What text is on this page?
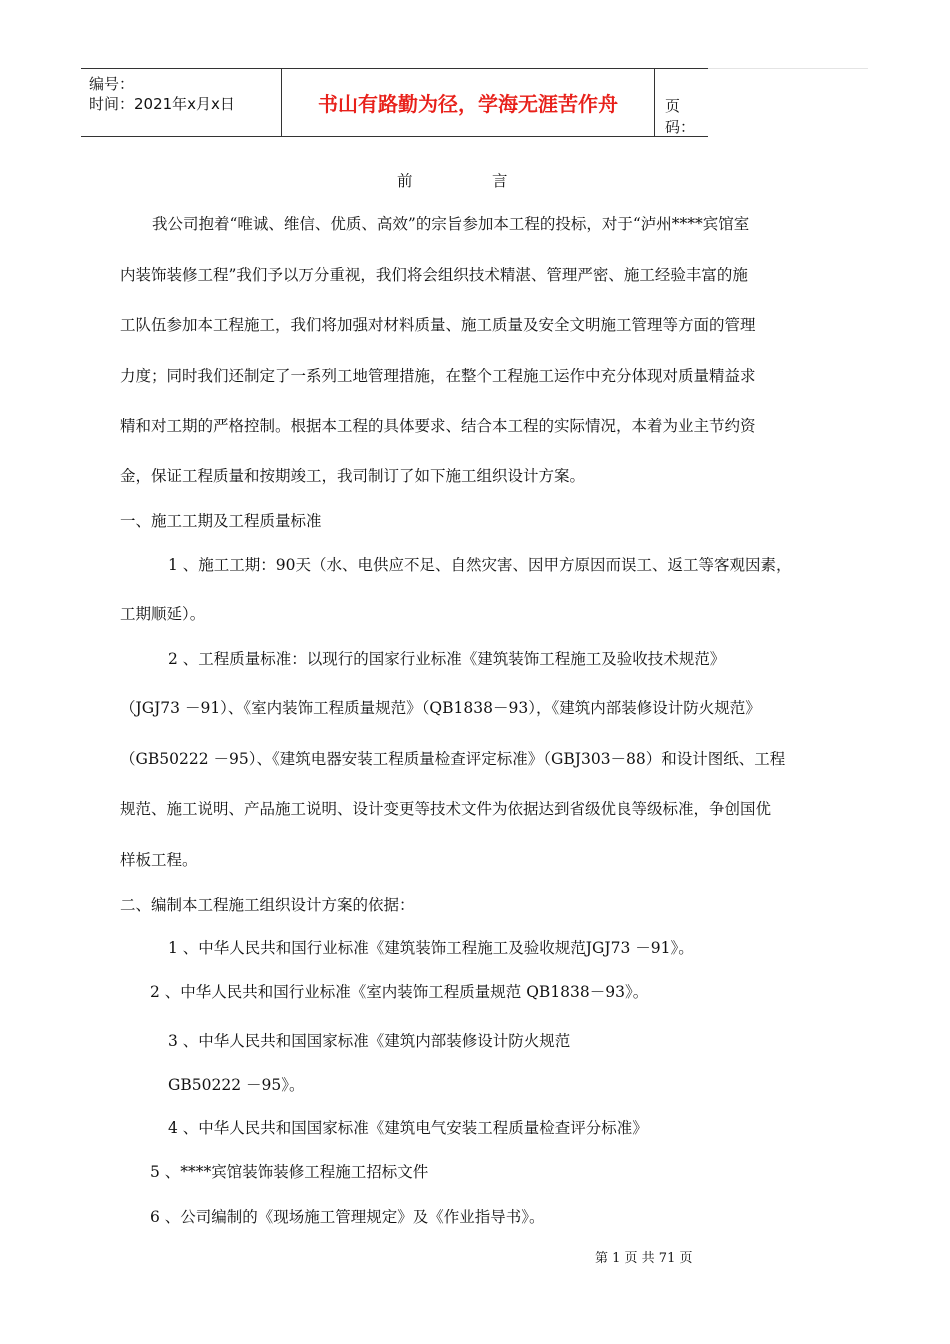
编号：
时间：2021年x月x日	书山有路勤为径，学海无涯苦作舟	页码：
前	言
我公司抱着“唯诚、维信、优质、高效”的宗旨参加本工程的投标，对于“泸州****宾馆室
内装饰装修工程”我们予以万分重视，我们将会组织技术精湛、管理严密、施工经验丰富的施
工队伍参加本工程施工，我们将加强对材料质量、施工质量及安全文明施工管理等方面的管理
力度；同时我们还制定了一系列工地管理措施，在整个工程施工运作中充分体现对质量精益求
精和对工期的严格控制。根据本工程的具体要求、结合本工程的实际情况，本着为业主节约资
金，保证工程质量和按期竣工，我司制订了如下施工组织设计方案。
一、施工工期及工程质量标准
1 、施工工期：90天（水、电供应不足、自然灾害、因甲方原因而误工、返工等客观因素，
工期顺延）。
2 、工程质量标准：以现行的国家行业标准《建筑装饰工程施工及验收技术规范》
（JGJ73 －91）、《室内装饰工程质量规范》（QB1838－93），《建筑内部装修设计防火规范》
（GB50222 －95）、《建筑电器安装工程质量检查评定标准》（GBJ303－88）和设计图纸、工程
规范、施工说明、产品施工说明、设计变更等技术文件为依据达到省级优良等级标准，争创国优
样板工程。
二、编制本工程施工组织设计方案的依据：
1 、中华人民共和国行业标准《建筑装饰工程施工及验收规范JGJ73 －91》。
2 、中华人民共和国行业标准《室内装饰工程质量规范 QB1838－93》。
3 、中华人民共和国国家标准《建筑内部装修设计防火规范
GB50222 －95》。
4 、中华人民共和国国家标准《建筑电气安装工程质量检查评分标准》
5 、****宾馆装饰装修工程施工招标文件
6 、公司编制的《现场施工管理规定》及《作业指导书》。
第 1 页 共 71 页
